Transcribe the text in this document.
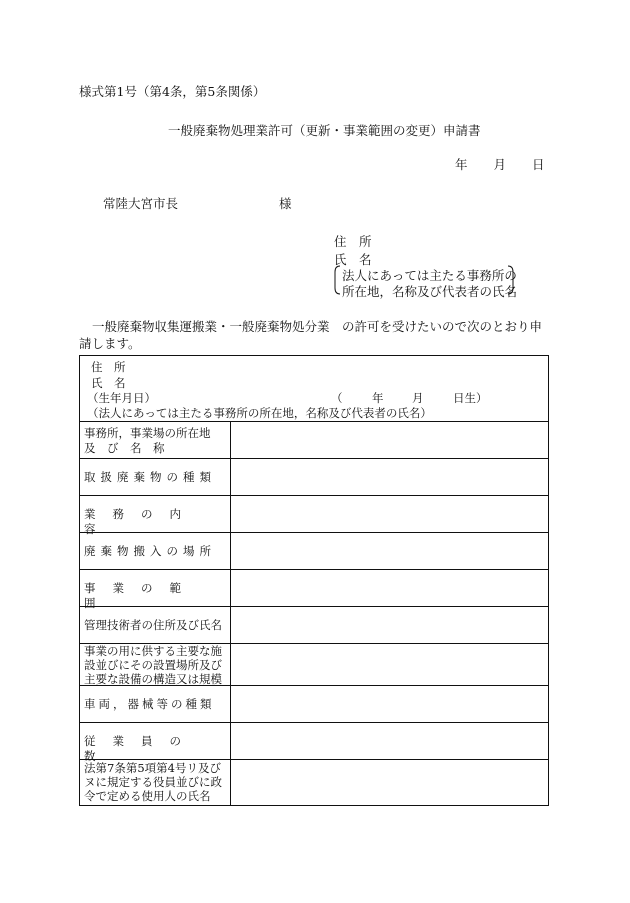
様式第1号（第4条，第5条関係）
一般廃棄物処理業許可（更新・事業範囲の変更）申請書
年 月 日
常陸大宮市長	様
住　所
氏　名
法人にあっては主たる事務所の
所在地，名称及び代表者の氏名
一般廃棄物収集運搬業・一般廃棄物処分業　の許可を受けたいので次のとおり申請します。
住　所
氏　名
（生年月日）	（	年 月	日生）
（法人にあっては主たる事務所の所在地，名称及び代表者の氏名）
事務所，事業場の所在地
及　び　名　称
取扱廃棄物の種類
業務の内容
廃棄物搬入の場所
事業の範囲
管理技術者の住所及び氏名
事業の用に供する主要な施
設並びにその設置場所及び
主要な設備の構造又は規模
車両，器械等の種類
従業員の数
法第7条第5項第4号リ及び
ヌに規定する役員並びに政
令で定める使用人の氏名
